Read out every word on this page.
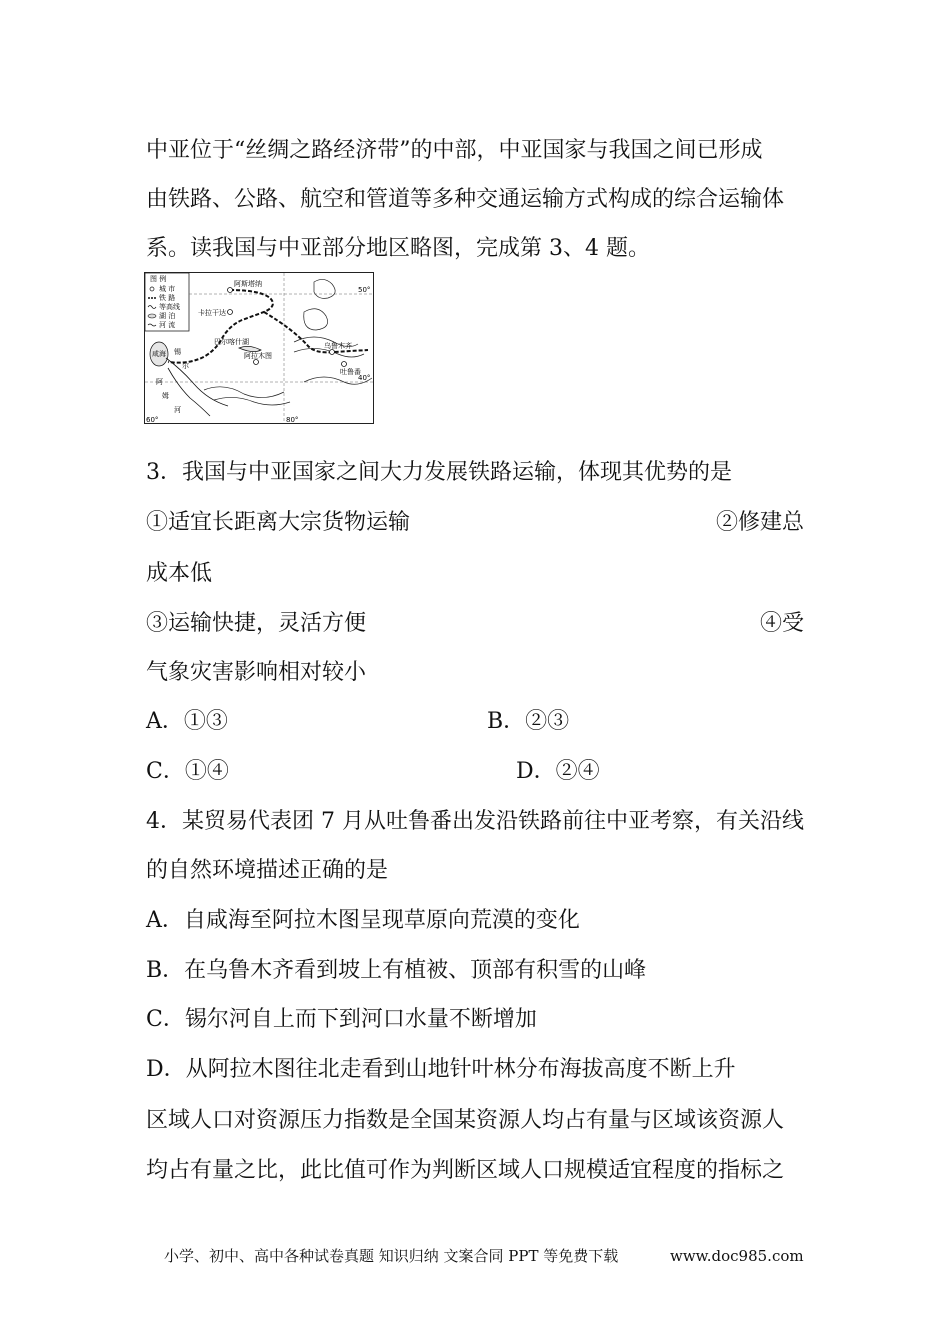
中亚位于“丝绸之路经济带”的中部，中亚国家与我国之间已形成
由铁路、公路、航空和管道等多种交通运输方式构成的综合运输体
系。读我国与中亚部分地区略图，完成第 3、4 题。
图 例
城 市
铁 路
等高线
湖 泊
河 流
阿斯塔纳
卡拉干达
巴尔喀什湖
阿拉木图
乌鲁木齐
吐鲁番
咸海 锡
尔
阿
姆
河
50°
40°
60°	80°
3．我国与中亚国家之间大力发展铁路运输，体现其优势的是
①适宜长距离大宗货物运输	②修建总
成本低
③运输快捷，灵活方便	④受
气象灾害影响相对较小
A．①③	B．②③
C．①④	D．②④
4．某贸易代表团 7 月从吐鲁番出发沿铁路前往中亚考察，有关沿线
的自然环境描述正确的是
A．自咸海至阿拉木图呈现草原向荒漠的变化
B．在乌鲁木齐看到坡上有植被、顶部有积雪的山峰
C．锡尔河自上而下到河口水量不断增加
D．从阿拉木图往北走看到山地针叶林分布海拔高度不断上升
区域人口对资源压力指数是全国某资源人均占有量与区域该资源人
均占有量之比，此比值可作为判断区域人口规模适宜程度的指标之
小学、初中、高中各种试卷真题 知识归纳 文案合同 PPT 等免费下载	www.doc985.com
